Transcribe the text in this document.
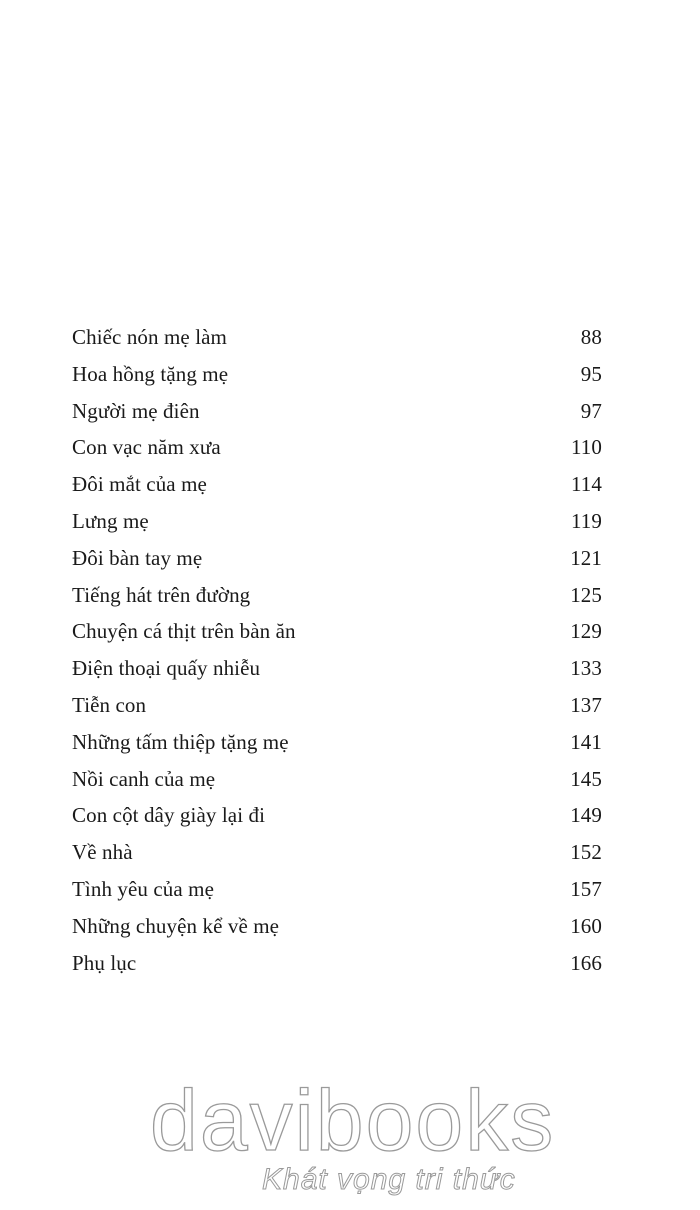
Chiếc nón mẹ làm	88
Hoa hồng tặng mẹ	95
Người mẹ điên	97
Con vạc năm xưa	110
Đôi mắt của mẹ	114
Lưng mẹ	119
Đôi bàn tay mẹ	121
Tiếng hát trên đường	125
Chuyện cá thịt trên bàn ăn	129
Điện thoại quấy nhiễu	133
Tiễn con	137
Những tấm thiệp tặng mẹ	141
Nồi canh của mẹ	145
Con cột dây giày lại đi	149
Về nhà	152
Tình yêu của mẹ	157
Những chuyện kể về mẹ	160
Phụ lục	166
davibooks
Khát vọng tri thức
